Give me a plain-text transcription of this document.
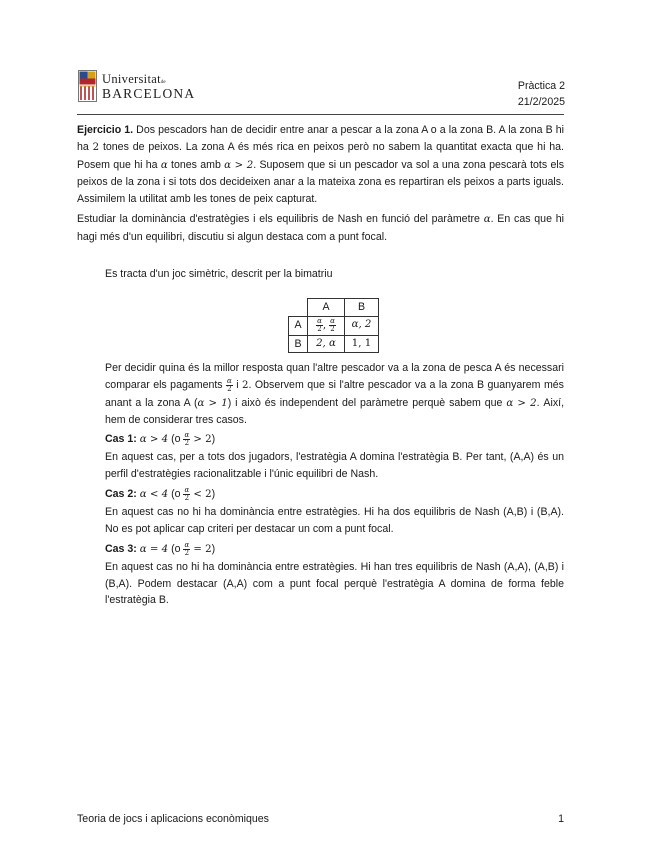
Universitatde
BARCELONA	Pràctica 2
21/2/2025
Ejercicio 1. Dos pescadors han de decidir entre anar a pescar a la zona A o a la zona B. A la zona B hi ha 2 tones de peixos. La zona A és més rica en peixos però no sabem la quantitat exacta que hi ha. Posem que hi ha α tones amb α > 2. Suposem que si un pescador va sol a una zona pescarà tots els peixos de la zona i si tots dos decideixen anar a la mateixa zona es repartiran els peixos a parts iguals. Assimilem la utilitat amb les tones de peix capturat.
Estudiar la dominància d'estratègies i els equilibris de Nash en funció del paràmetre α. En cas que hi hagi més d'un equilibri, discutiu si algun destaca com a punt focal.
Es tracta d'un joc simètric, descrit per la bimatriu
	A	B
A	$\frac{\alpha}{2}$ , $\frac{\alpha}{2}$	α, 2
B	2, α	1, 1
Per decidir quina és la millor resposta quan l'altre pescador va a la zona de pesca A és necessari comparar els pagaments $\frac{\alpha}{2}$ i 2. Observem que si l'altre pescador va a la zona B guanyarem més anant a la zona A (α > 1) i això és independent del paràmetre perquè sabem que α > 2. Així, hem de considerar tres casos.
Cas 1: α > 4 $(o \frac{\alpha}{2} > 2)$
En aquest cas, per a tots dos jugadors, l'estratègia A domina l'estratègia B. Per tant, (A,A) és un perfil d'estratègies racionalitzable i l'únic equilibri de Nash.
Cas 2: α < 4 $(o \frac{\alpha}{2} < 2)$
En aquest cas no hi ha dominància entre estratègies. Hi ha dos equilibris de Nash (A,B) i (B,A). No es pot aplicar cap criteri per destacar un com a punt focal.
Cas 3: α = 4 $(o \frac{\alpha}{2} = 2)$
En aquest cas no hi ha dominància entre estratègies. Hi han tres equilibris de Nash (A,A), (A,B) i (B,A). Podem destacar (A,A) com a punt focal perquè l'estratègia A domina de forma feble l'estratègia B.
Teoria de jocs i aplicacions econòmiques	1
